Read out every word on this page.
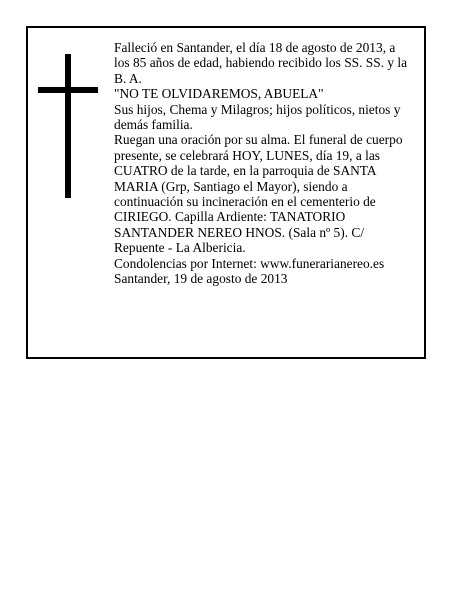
Falleció en Santander, el día 18 de agosto de 2013, a los 85 años de edad, habiendo recibido los SS. SS. y la B. A.

"NO TE OLVIDAREMOS, ABUELA"

Sus hijos, Chema y Milagros; hijos políticos, nietos y demás familia.

Ruegan una oración por su alma. El funeral de cuerpo presente, se celebrará HOY, LUNES, día 19, a las CUATRO de la tarde, en la parroquia de SANTA MARIA (Grp, Santiago el Mayor), siendo a continuación su incineración en el cementerio de CIRIEGO. Capilla Ardiente: TANATORIO SANTANDER NEREO HNOS. (Sala nº 5). C/ Repuente - La Albericia.

Condolencias por Internet: www.funerarianereo.es

Santander, 19 de agosto de 2013
